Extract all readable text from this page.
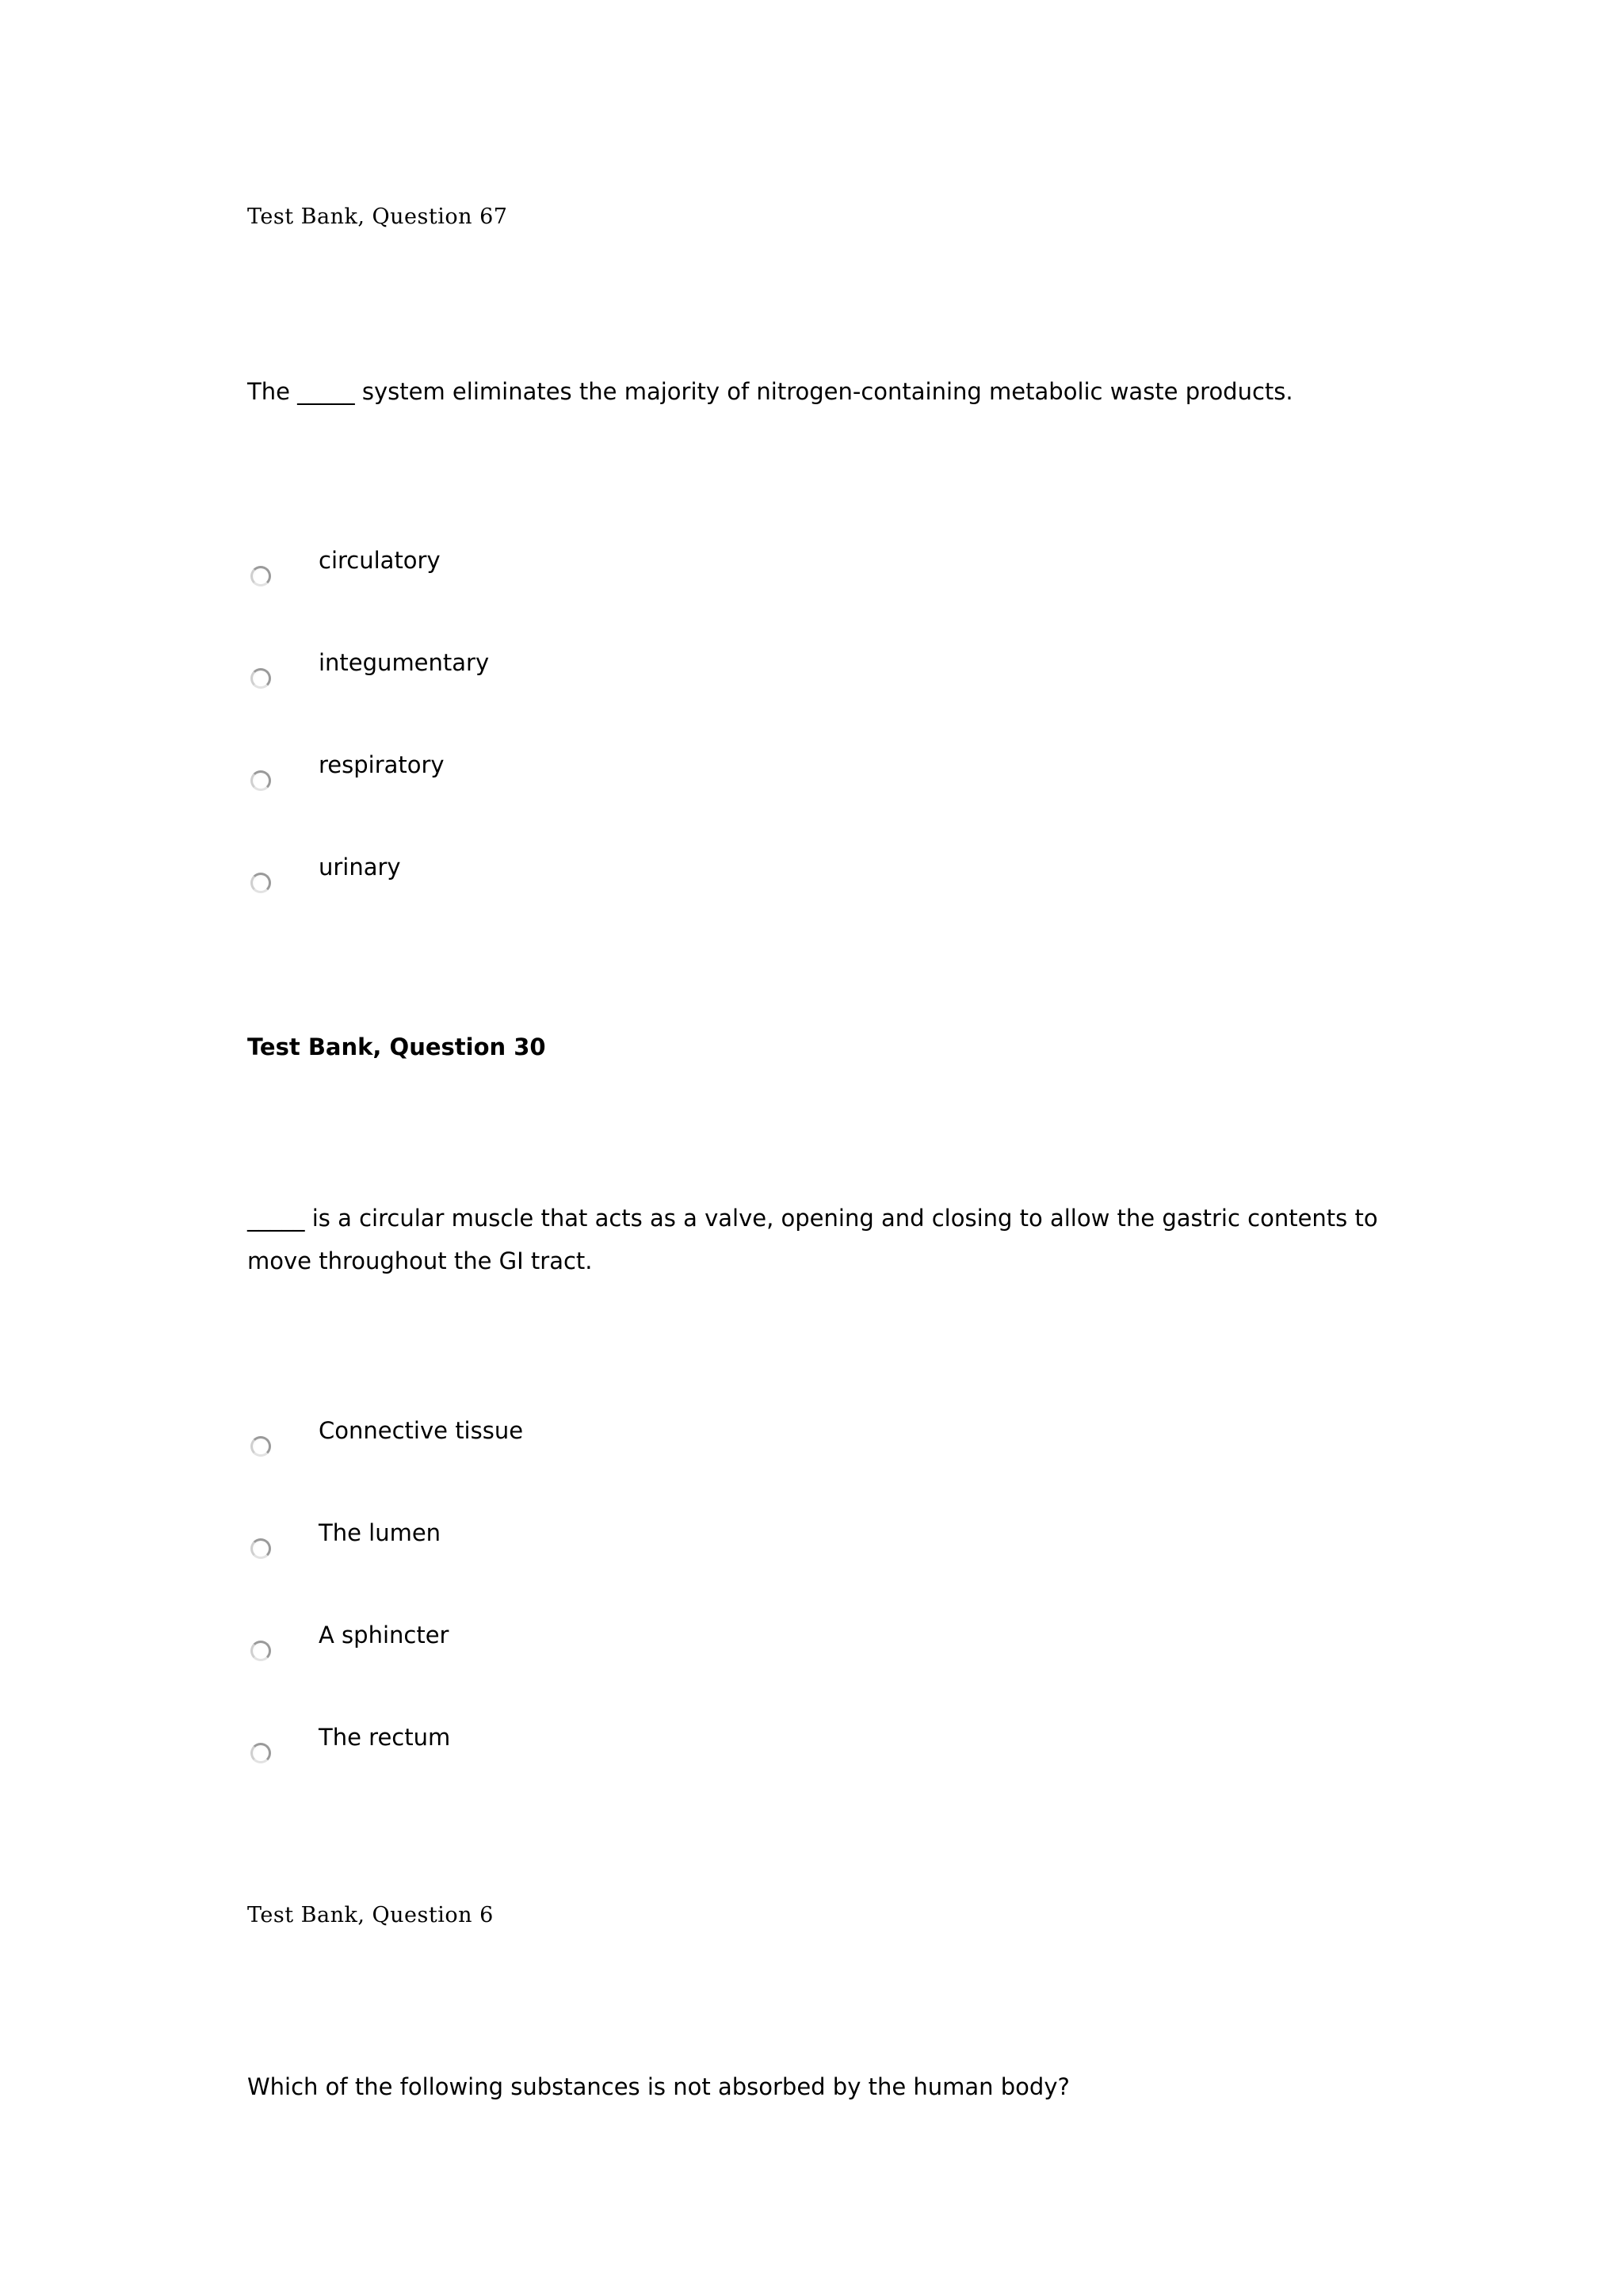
Test Bank, Question 67
The _____ system eliminates the majority of nitrogen-containing metabolic waste products.
circulatory
integumentary
respiratory
urinary
Test Bank, Question 30
_____ is a circular muscle that acts as a valve, opening and closing to allow the gastric contents to move throughout the GI tract.
Connective tissue
The lumen
A sphincter
The rectum
Test Bank, Question 6
Which of the following substances is not absorbed by the human body?
